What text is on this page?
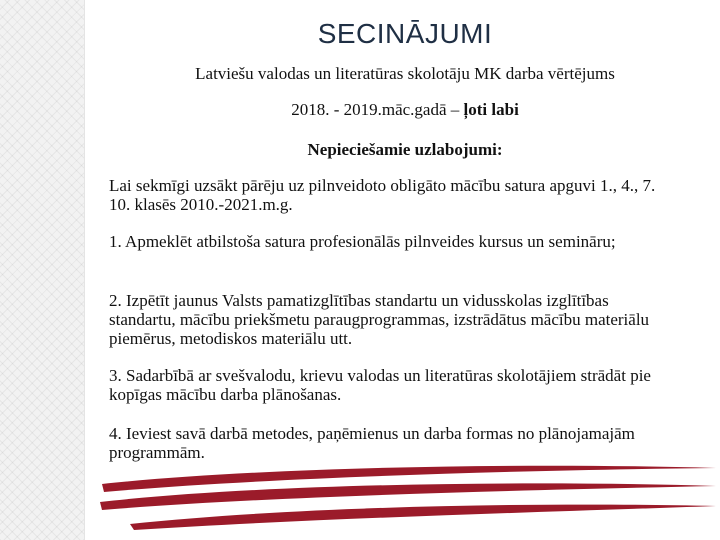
SECINĀJUMI

Latviešu valodas un literatūras skolotāju MK darba vērtējums

2018. - 2019.māc.gadā – ļoti labi

Nepieciešamie uzlabojumi:

Lai sekmīgi uzsākt pārēju uz pilnveidoto obligāto mācību satura apguvi 1., 4., 7. 10. klasēs 2010.-2021.m.g.

1. Apmeklēt atbilstoša satura profesionālās pilnveides kursus un semināru;

2. Izpētīt jaunus Valsts pamatizglītības standartu un vidusskolas izglītības standartu, mācību priekšmetu paraugprogrammas, izstrādātus mācību materiālu piemērus, metodiskos materiālu utt.

3. Sadarbībā ar svešvalodu, krievu valodas un literatūras skolotājiem strādāt pie kopīgas mācību darba plānošanas.

4. Ieviest savā darbā metodes, paņēmienus un darba formas no plānojamajām programmām.
